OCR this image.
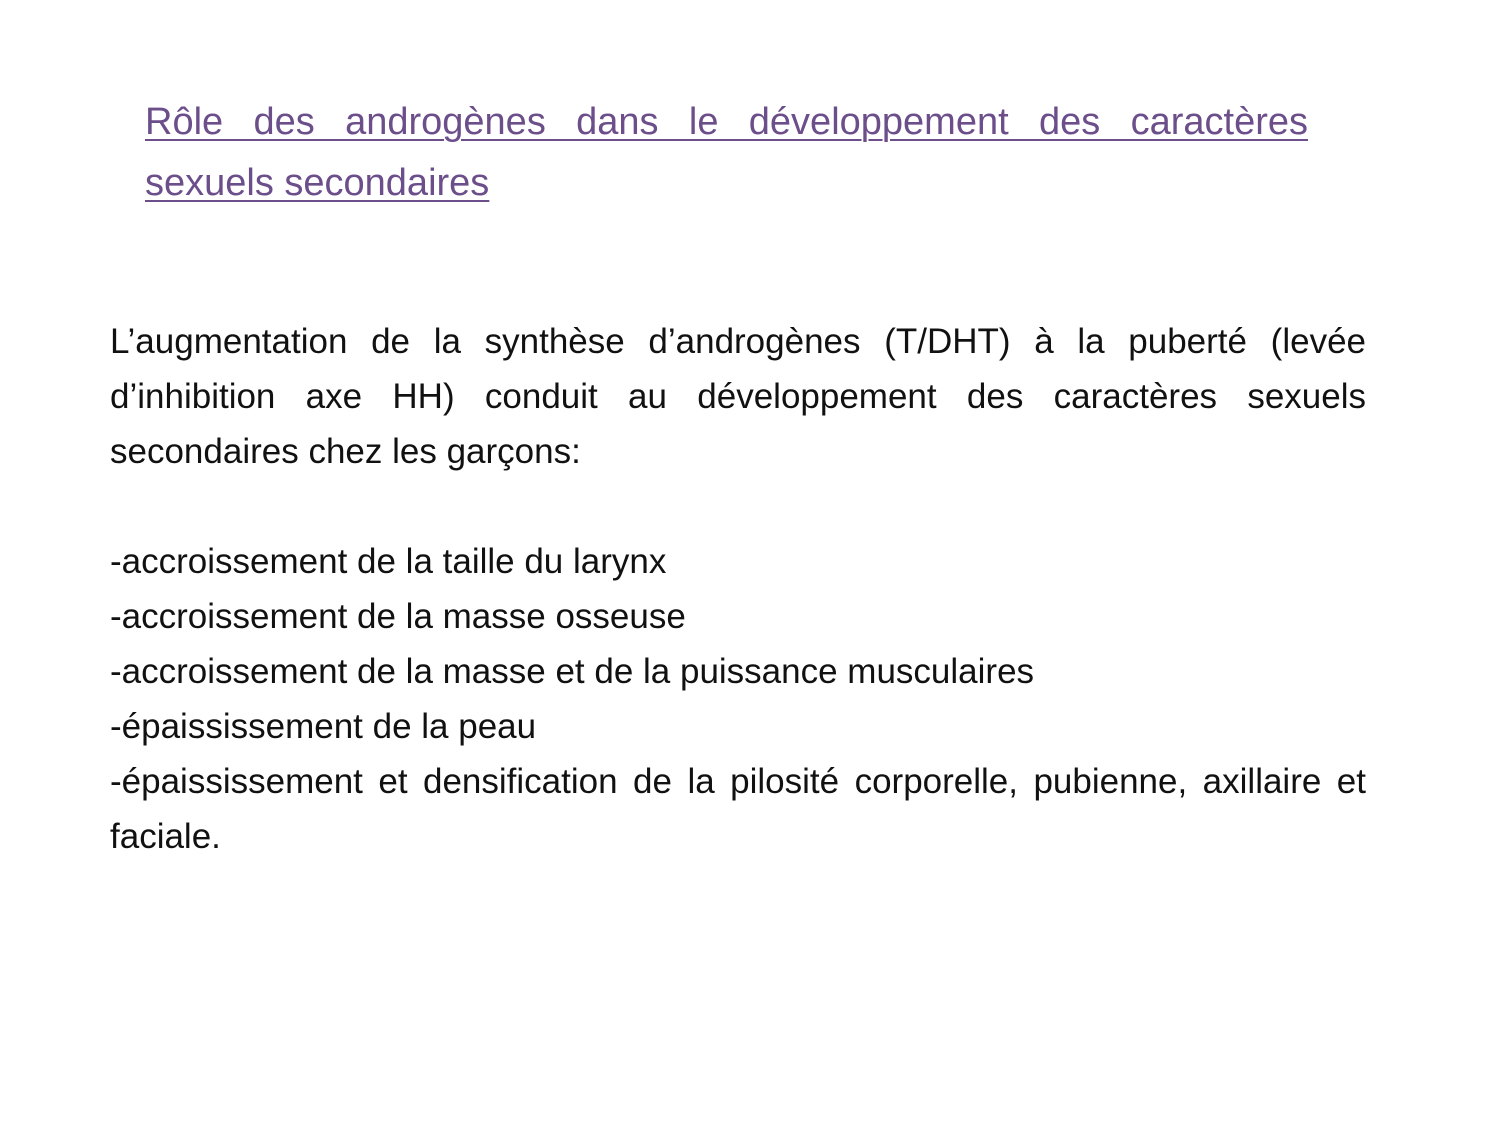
Rôle des androgènes dans le développement des caractères sexuels secondaires

L’augmentation de la synthèse d’androgènes (T/DHT) à la puberté (levée d’inhibition axe HH) conduit au développement des caractères sexuels secondaires chez les garçons:

-accroissement de la taille du larynx
-accroissement de la masse osseuse
-accroissement de la masse et de la puissance musculaires
-épaississement de la peau
-épaississement et densification de la pilosité corporelle, pubienne, axillaire et faciale.
